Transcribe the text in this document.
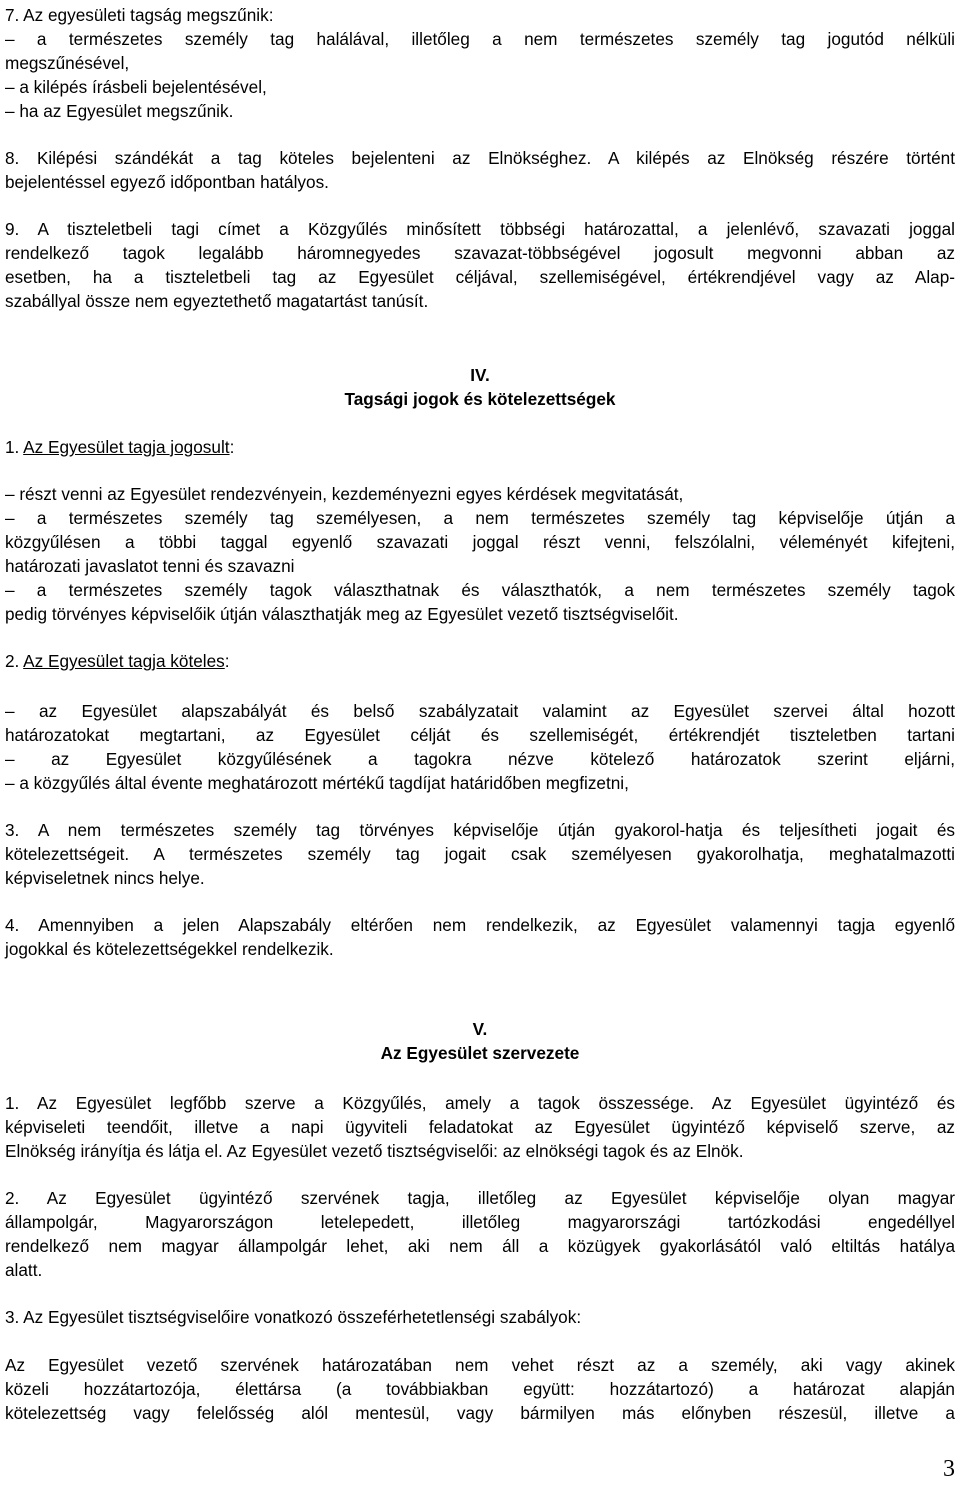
7. Az egyesületi tagság megszűnik:
– a természetes személy tag halálával, illetőleg a nem természetes személy tag jogutód nélküli
megszűnésével,
– a kilépés írásbeli bejelentésével,
– ha az Egyesület megszűnik.
8. Kilépési szándékát a tag köteles bejelenteni az Elnökséghez. A kilépés az Elnökség részére történt
bejelentéssel egyező időpontban hatályos.
9. A tiszteletbeli tagi címet a Közgyűlés minősített többségi határozattal, a jelenlévő, szavazati joggal
rendelkező tagok legalább háromnegyedes szavazat-többségével jogosult megvonni abban az
esetben, ha a tiszteletbeli tag az Egyesület céljával, szellemiségével, értékrendjével vagy az Alap-
szabállyal össze nem egyeztethető magatartást tanúsít.
IV.
Tagsági jogok és kötelezettségek
1. Az Egyesület tagja jogosult:
– részt venni az Egyesület rendezvényein, kezdeményezni egyes kérdések megvitatását,
– a természetes személy tag személyesen, a nem természetes személy tag képviselője útján a
közgyűlésen a többi taggal egyenlő szavazati joggal részt venni, felszólalni, véleményét kifejteni,
határozati javaslatot tenni és szavazni
– a természetes személy tagok választhatnak és választhatók, a nem természetes személy tagok
pedig törvényes képviselőik útján választhatják meg az Egyesület vezető tisztségviselőit.
2. Az Egyesület tagja köteles:
– az Egyesület alapszabályát és belső szabályzatait valamint az Egyesület szervei által hozott
határozatokat megtartani, az Egyesület célját és szellemiségét, értékrendjét tiszteletben tartani
– az Egyesület közgyűlésének a tagokra nézve kötelező határozatok szerint eljárni,
– a közgyűlés által évente meghatározott mértékű tagdíjat határidőben megfizetni,
3. A nem természetes személy tag törvényes képviselője útján gyakorol-hatja és teljesítheti jogait és
kötelezettségeit. A természetes személy tag jogait csak személyesen gyakorolhatja, meghatalmazotti
képviseletnek nincs helye.
4. Amennyiben a jelen Alapszabály eltérően nem rendelkezik, az Egyesület valamennyi tagja egyenlő
jogokkal és kötelezettségekkel rendelkezik.
V.
Az Egyesület szervezete
1. Az Egyesület legfőbb szerve a Közgyűlés, amely a tagok összessége. Az Egyesület ügyintéző és
képviseleti teendőit, illetve a napi ügyviteli feladatokat az Egyesület ügyintéző képviselő szerve, az
Elnökség irányítja és látja el. Az Egyesület vezető tisztségviselői: az elnökségi tagok és az Elnök.
2. Az Egyesület ügyintéző szervének tagja, illetőleg az Egyesület képviselője olyan magyar
állampolgár, Magyarországon letelepedett, illetőleg magyarországi tartózkodási engedéllyel
rendelkező nem magyar állampolgár lehet, aki nem áll a közügyek gyakorlásától való eltiltás hatálya
alatt.
3. Az Egyesület tisztségviselőire vonatkozó összeférhetetlenségi szabályok:
Az Egyesület vezető szervének határozatában nem vehet részt az a személy, aki vagy akinek
közeli hozzátartozója, élettársa (a továbbiakban együtt: hozzátartozó) a határozat alapján
kötelezettség vagy felelősség alól mentesül, vagy bármilyen más előnyben részesül, illetve a
3
